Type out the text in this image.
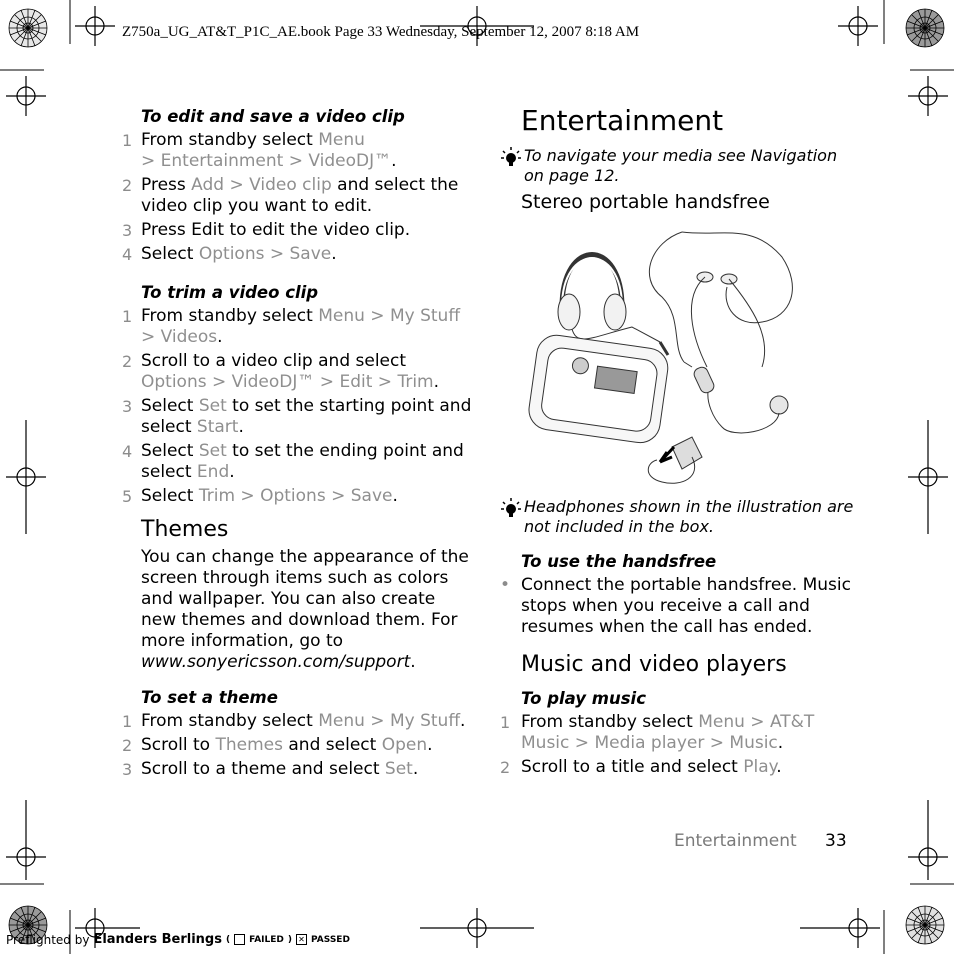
Z750a_UG_AT&T_P1C_AE.book Page 33 Wednesday, September 12, 2007 8:18 AM
To edit and save a video clip
1 From standby select Menu
> Entertainment > VideoDJ™.
2 Press Add > Video clip and select the video clip you want to edit.
3 Press Edit to edit the video clip.
4 Select Options > Save.
To trim a video clip
1 From standby select Menu > My Stuff
> Videos.
2 Scroll to a video clip and select Options > VideoDJ™ > Edit > Trim.
3 Select Set to set the starting point and select Start.
4 Select Set to set the ending point and select End.
5 Select Trim > Options > Save.
Themes
You can change the appearance of the screen through items such as colors and wallpaper. You can also create new themes and download them. For more information, go to www.sonyericsson.com/support.
To set a theme
1 From standby select Menu > My Stuff.
2 Scroll to Themes and select Open.
3 Scroll to a theme and select Set.
Entertainment
To navigate your media see Navigation on page 12.
Stereo portable handsfree
Headphones shown in the illustration are not included in the box.
To use the handsfree
• Connect the portable handsfree. Music stops when you receive a call and resumes when the call has ended.
Music and video players
To play music
1 From standby select Menu > AT&T Music > Media player > Music.
2 Scroll to a title and select Play.
Entertainment 33
Preflighted by Elanders Berlings ( FAILED ) ✕ PASSED
